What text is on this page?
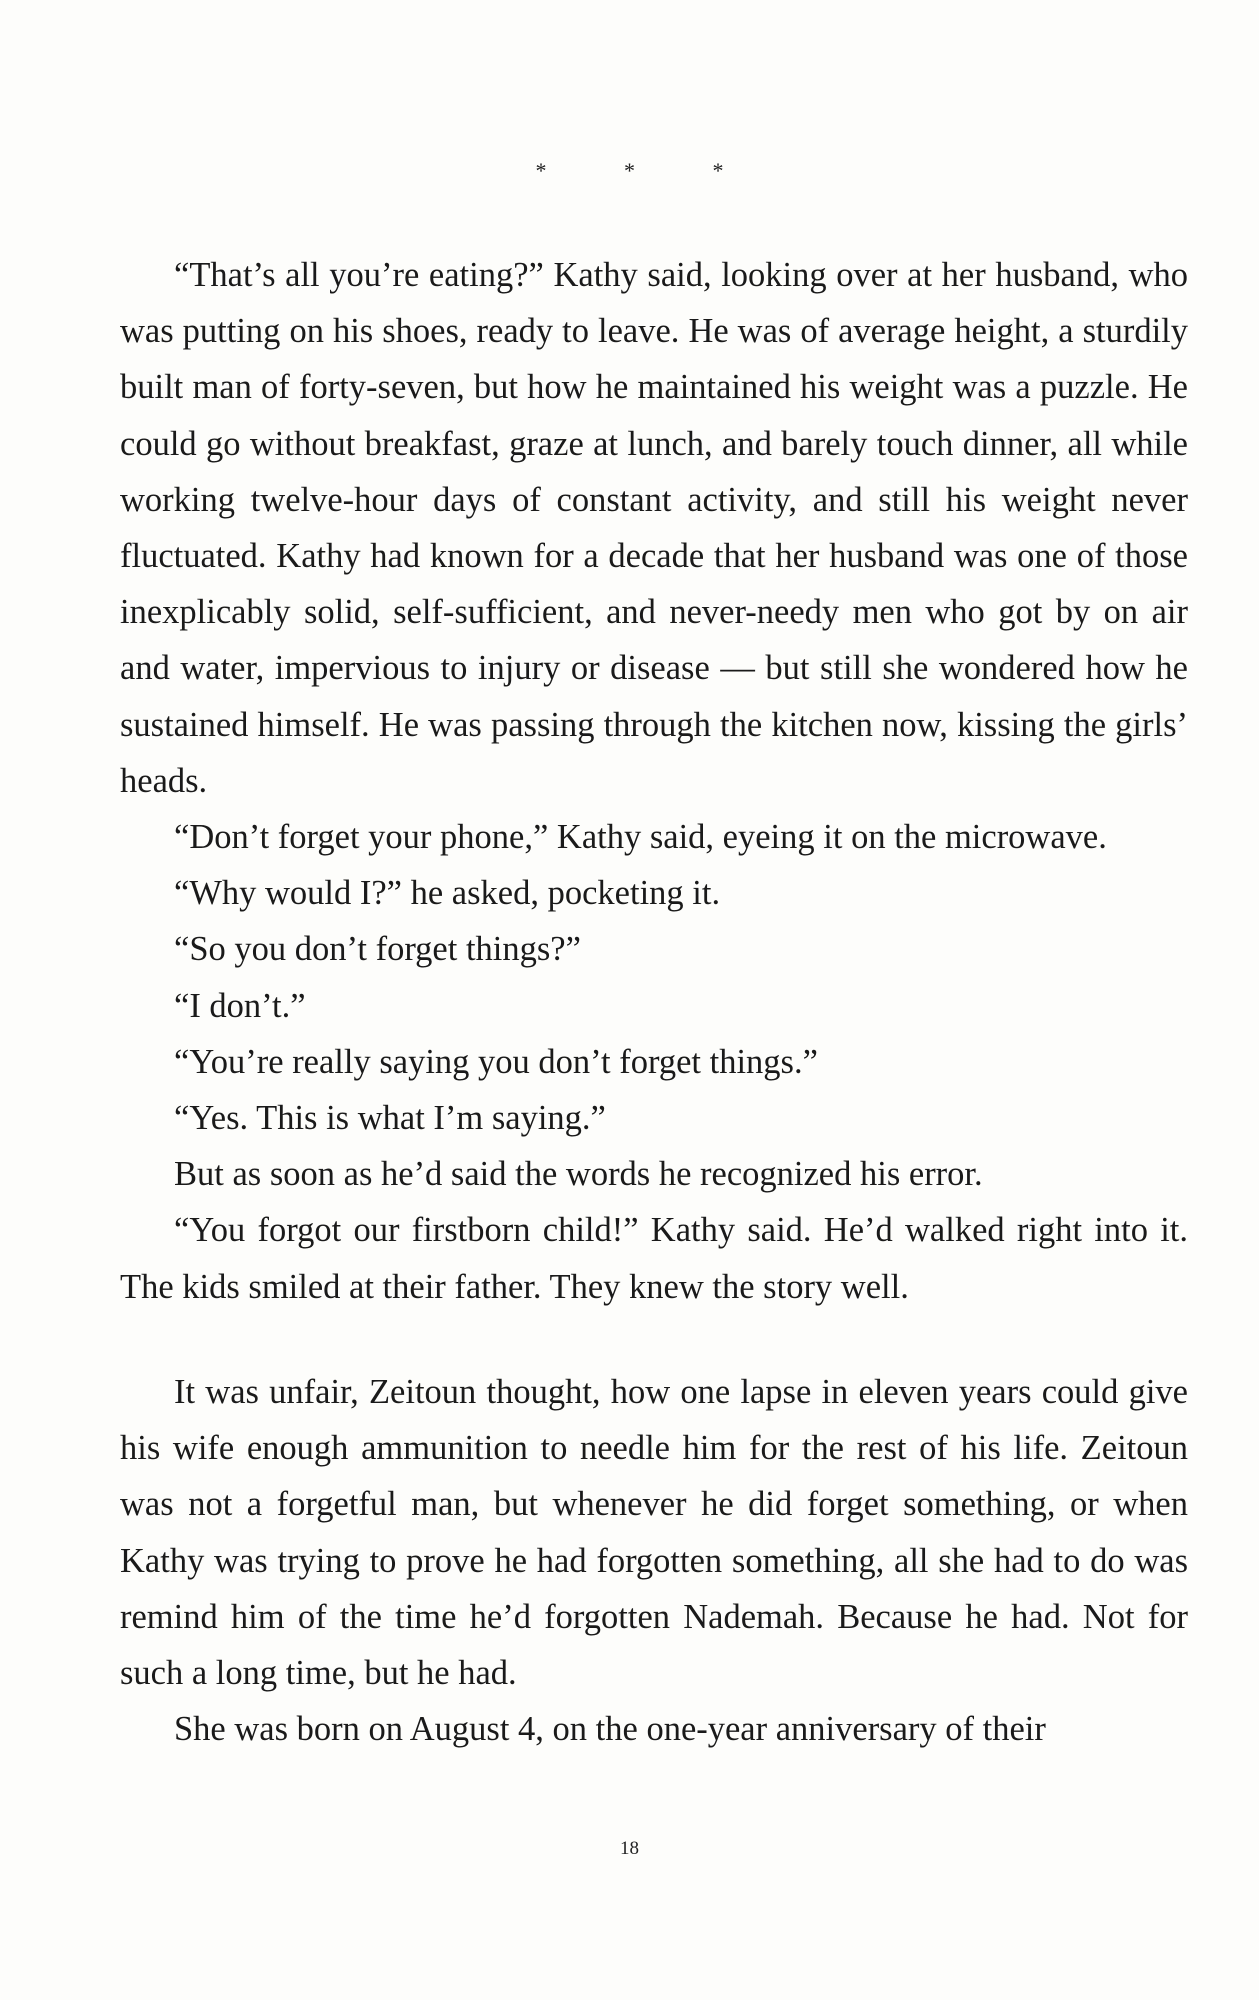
* * *

“That’s all you’re eating?” Kathy said, looking over at her husband, who was putting on his shoes, ready to leave. He was of average height, a sturdily built man of forty-seven, but how he maintained his weight was a puzzle. He could go without breakfast, graze at lunch, and barely touch dinner, all while working twelve-hour days of constant activity, and still his weight never fluctuated. Kathy had known for a decade that her husband was one of those inexplicably solid, self-sufficient, and never-needy men who got by on air and water, impervious to injury or disease — but still she wondered how he sustained himself. He was passing through the kitchen now, kissing the girls’ heads.

“Don’t forget your phone,” Kathy said, eyeing it on the microwave.

“Why would I?” he asked, pocketing it.

“So you don’t forget things?”

“I don’t.”

“You’re really saying you don’t forget things.”

“Yes. This is what I’m saying.”

But as soon as he’d said the words he recognized his error.

“You forgot our firstborn child!” Kathy said. He’d walked right into it. The kids smiled at their father. They knew the story well.

It was unfair, Zeitoun thought, how one lapse in eleven years could give his wife enough ammunition to needle him for the rest of his life. Zeitoun was not a forgetful man, but whenever he did forget something, or when Kathy was trying to prove he had forgotten something, all she had to do was remind him of the time he’d forgotten Nademah. Because he had. Not for such a long time, but he had.

She was born on August 4, on the one-year anniversary of their

18
